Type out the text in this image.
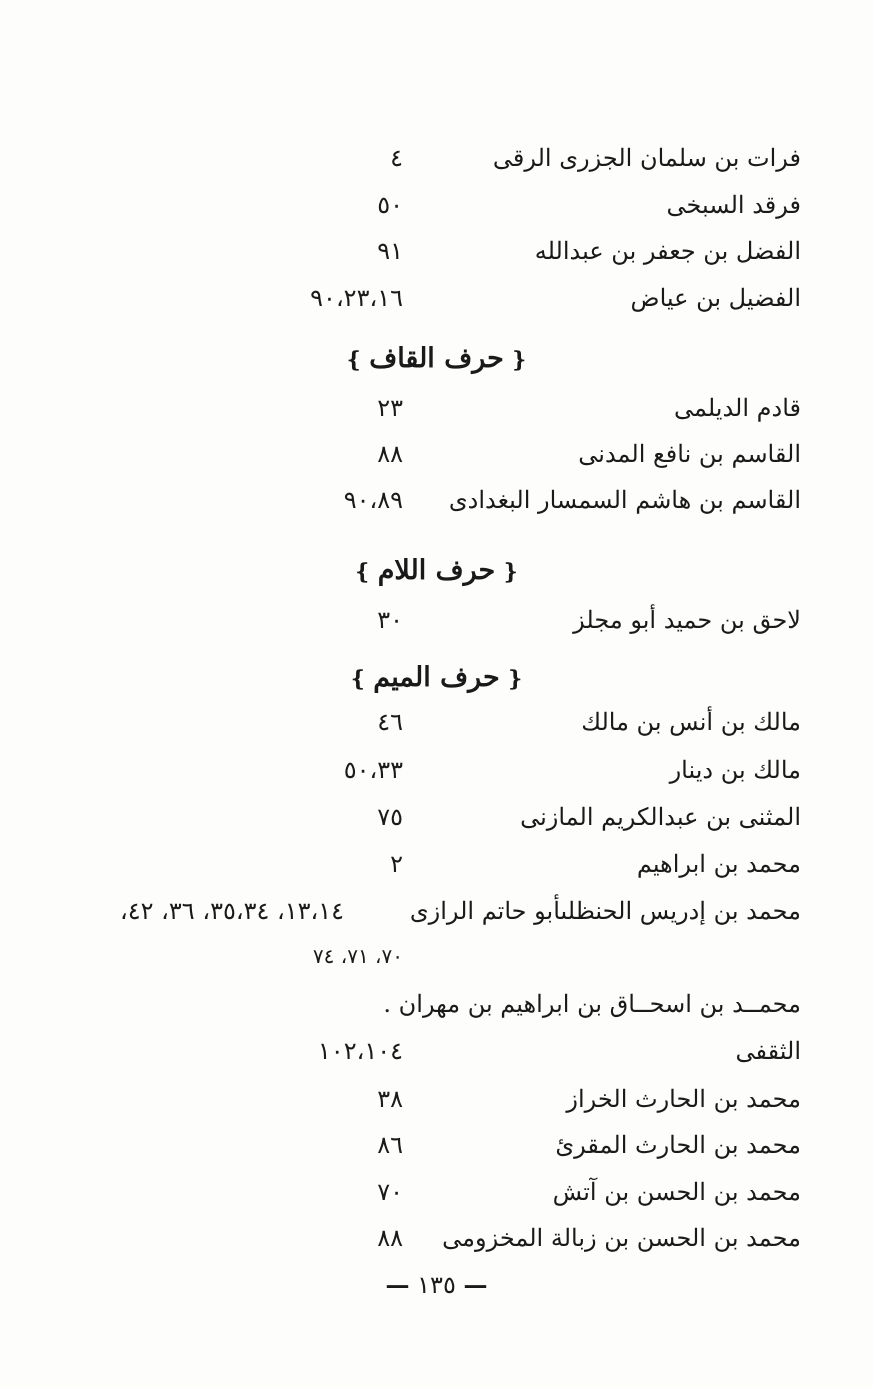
فرات بن سلمان الجزرى الرقى
٤
فرقد السبخى
٥٠
الفضل بن جعفر بن عبدالله
٩١
الفضيل بن عياض
٩٠،٢٣،١٦
❴حرف القاف❵
قادم الديلمى
٢٣
القاسم بن نافع المدنى
٨٨
القاسم بن هاشم السمسار البغدادى
٩٠،٨٩
❴حرف اللام❵
لاحق بن حميد أبو مجلز
٣٠
❴حرف الميم❵
مالك بن أنس بن مالك
٤٦
مالك بن دينار
٥٠،٣٣
المثنى بن عبدالكريم المازنى
٧٥
محمد بن ابراهيم
٢
محمد بن إدريس الحنظلىأبو حاتم الرازى
١٣،١٤، ٣٥،٣٤، ٣٦، ٤٢،
٧٠، ٧١، ٧٤
محمــد بن اسحــاق بن ابراهيم بن مهران .
الثقفى
١٠٢،١٠٤
محمد بن الحارث الخراز
٣٨
محمد بن الحارث المقرئ
٨٦
محمد بن الحسن بن آتش
٧٠
محمد بن الحسن بن زبالة المخزومى
٨٨
— ١٣٥ —
